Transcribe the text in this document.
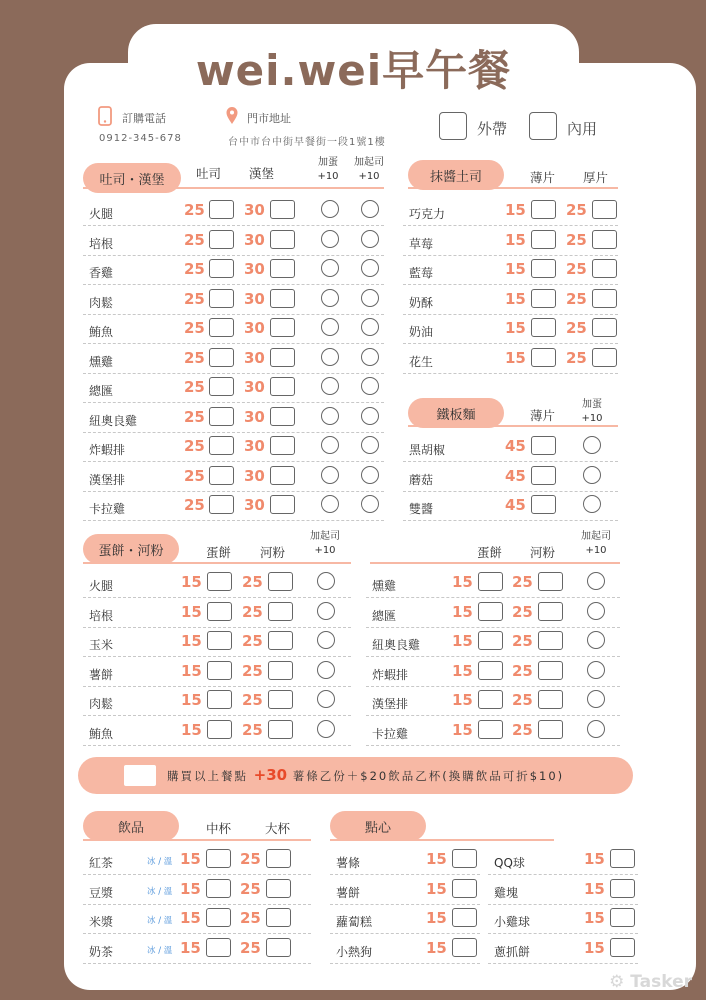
wei.wei早午餐
訂購電話
0912-345-678
門市地址
台中市台中街早餐街一段1號1樓
外帶	內用
吐司・漢堡	吐司 漢堡
加蛋
+10
加起司
+10
火腿	25	30
培根	25	30
香雞	25	30
肉鬆	25	30
鮪魚	25	30
燻雞	25	30
總匯	25	30
紐奧良雞	25	30
炸蝦排	25	30
漢堡排	25	30
卡拉雞	25	30
抹醬土司	薄片 厚片
巧克力	15	25
草莓	15	25
藍莓	15	25
奶酥	15	25
奶油	15	25
花生	15	25
鐵板麵	薄片
加蛋
+10
黑胡椒	45
蘑菇	45
雙醬	45
蛋餅・河粉	蛋餅 河粉
加起司
+10	蛋餅 河粉
加起司
+10
火腿	15	25
培根	15	25
玉米	15	25
薯餅	15	25
肉鬆	15	25
鮪魚	15	25
燻雞	15	25
總匯	15	25
紐奧良雞 15	25
炸蝦排	15	25
漢堡排	15	25
卡拉雞	15	25
購買以上餐點 +30 薯條乙份＋$20飲品乙杯(換購飲品可折$10)
飲品	中杯	大杯
紅茶	冰 / 溫 15	25
豆漿	冰 / 溫 15	25
米漿	冰 / 溫 15	25
奶茶	冰 / 溫 15	25
點心
薯條	15
薯餅	15
蘿蔔糕	15
小熱狗	15
QQ球	15
雞塊	15
小雞球	15
蔥抓餅	15
⚙ Tasker
